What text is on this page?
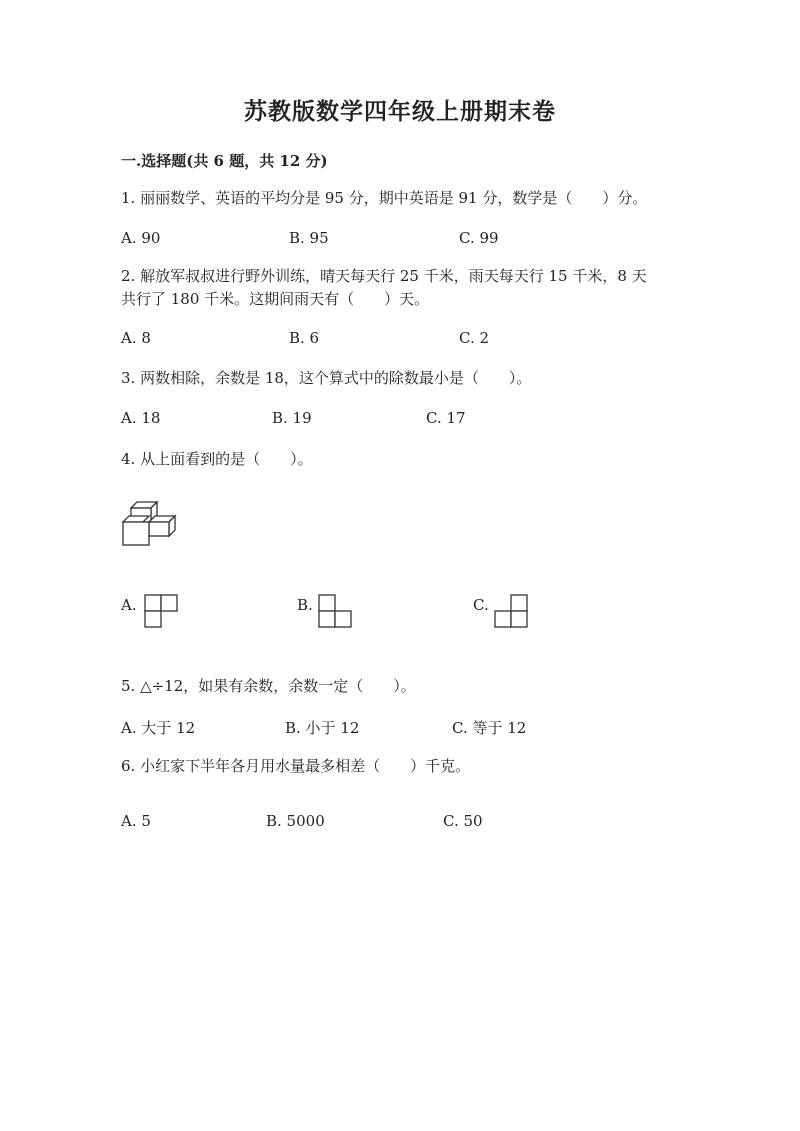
苏教版数学四年级上册期末卷
一.选择题(共 6 题，共 12 分)
1. 丽丽数学、英语的平均分是 95 分，期中英语是 91 分，数学是（　　）分。
A. 90	B. 95	C. 99
2. 解放军叔叔进行野外训练，晴天每天行 25 千米，雨天每天行 15 千米，8 天
共行了 180 千米。这期间雨天有（　　）天。
A. 8	B. 6	C. 2
3. 两数相除，余数是 18，这个算式中的除数最小是（　　）。
A. 18	B. 19	C. 17
4. 从上面看到的是（　　）。
A.	B.	C.
5. △÷12，如果有余数，余数一定（　　）。
A. 大于 12	B. 小于 12	C. 等于 12
6. 小红家下半年各月用水量最多相差（　　）千克。
A. 5	B. 5000	C. 50
